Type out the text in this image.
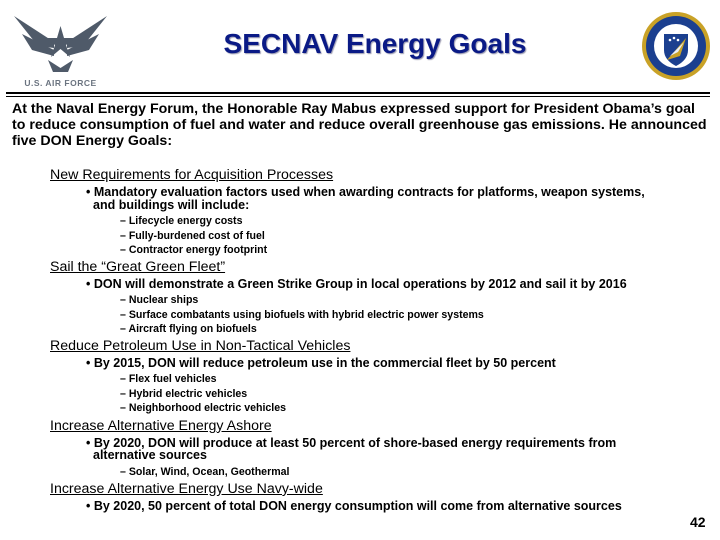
U.S. AIR FORCE
SECNAV Energy Goals
At the Naval Energy Forum, the Honorable Ray Mabus expressed support for President Obama’s goal to reduce consumption of fuel and water and reduce overall greenhouse gas emissions. He announced five DON Energy Goals:
New Requirements for Acquisition Processes
• Mandatory evaluation factors used when awarding contracts for platforms, weapon systems,
and buildings will include:
– Lifecycle energy costs
– Fully-burdened cost of fuel
– Contractor energy footprint
Sail the “Great Green Fleet”
• DON will demonstrate a Green Strike Group in local operations by 2012 and sail it by 2016
– Nuclear ships
– Surface combatants using biofuels with hybrid electric power systems
– Aircraft flying on biofuels
Reduce Petroleum Use in Non-Tactical Vehicles
• By 2015, DON will reduce petroleum use in the commercial fleet by 50 percent
– Flex fuel vehicles
– Hybrid electric vehicles
– Neighborhood electric vehicles
Increase Alternative Energy Ashore
• By 2020, DON will produce at least 50 percent of shore-based energy requirements from
alternative sources
– Solar, Wind, Ocean, Geothermal
Increase Alternative Energy Use Navy-wide
• By 2020, 50 percent of total DON energy consumption will come from alternative sources
42
